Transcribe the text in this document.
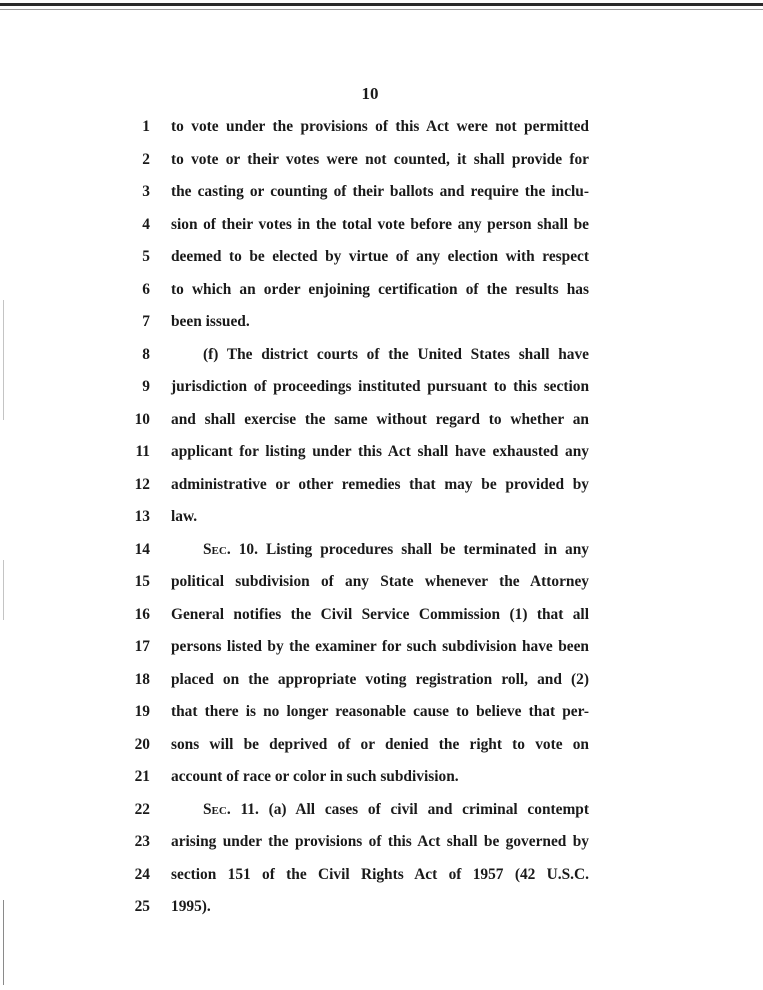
10
1 to vote under the provisions of this Act were not permitted
2 to vote or their votes were not counted, it shall provide for
3 the casting or counting of their ballots and require the inclu-
4 sion of their votes in the total vote before any person shall be
5 deemed to be elected by virtue of any election with respect
6 to which an order enjoining certification of the results has
7 been issued.
8	(f) The district courts of the United States shall have
9 jurisdiction of proceedings instituted pursuant to this section
10 and shall exercise the same without regard to whether an
11 applicant for listing under this Act shall have exhausted any
12 administrative or other remedies that may be provided by
13 law.
14	Sec. 10. Listing procedures shall be terminated in any
15 political subdivision of any State whenever the Attorney
16 General notifies the Civil Service Commission (1) that all
17 persons listed by the examiner for such subdivision have been
18 placed on the appropriate voting registration roll, and (2)
19 that there is no longer reasonable cause to believe that per-
20 sons will be deprived of or denied the right to vote on
21 account of race or color in such subdivision.
22	Sec. 11. (a) All cases of civil and criminal contempt
23 arising under the provisions of this Act shall be governed by
24 section 151 of the Civil Rights Act of 1957 (42 U.S.C.
25 1995).
